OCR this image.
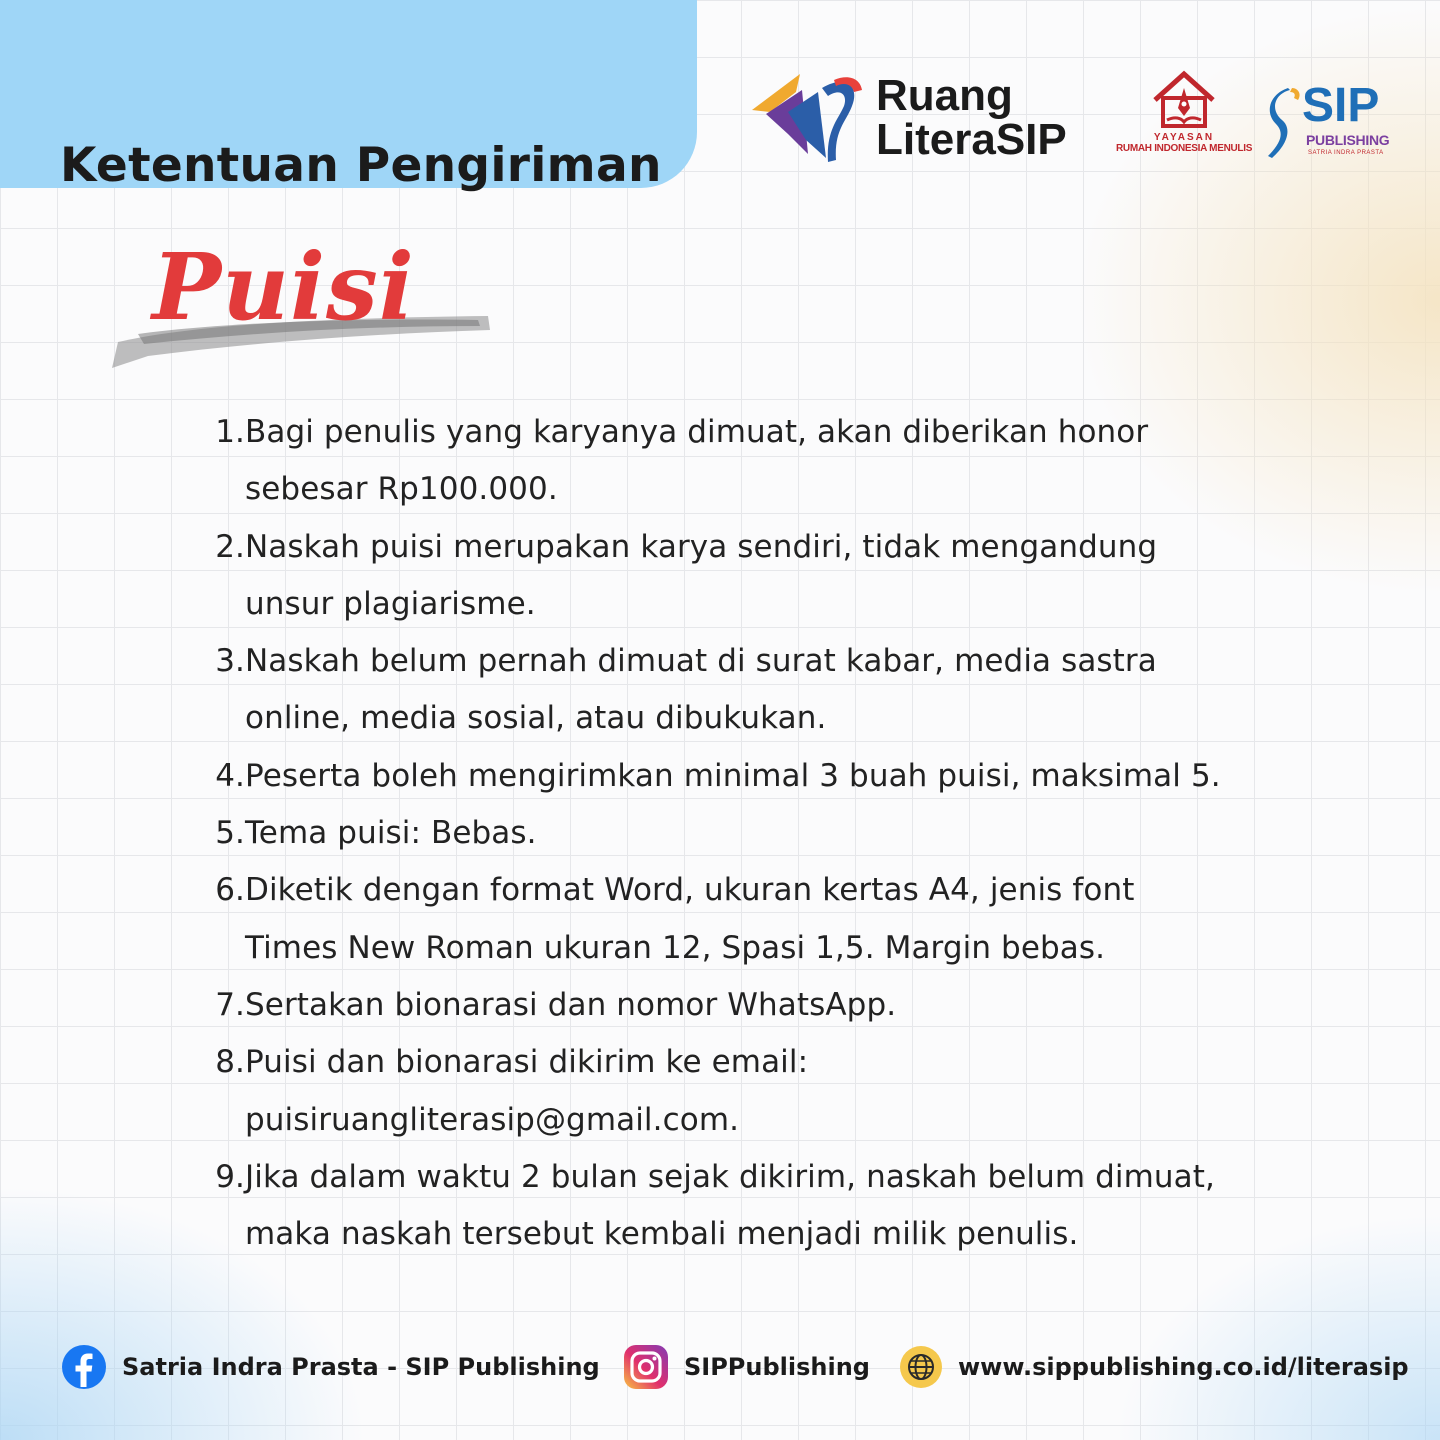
Ketentuan Pengiriman
Ruang
LiteraSIP	YAYASAN
RUMAH INDONESIA MENULIS
SIP
PUBLISHING
SATRIA INDRA PRASTA
Puisi
1. Bagi penulis yang karyanya dimuat, akan diberikan honor
sebesar Rp100.000.
2. Naskah puisi merupakan karya sendiri, tidak mengandung
unsur plagiarisme.
3. Naskah belum pernah dimuat di surat kabar, media sastra
online, media sosial, atau dibukukan.
4. Peserta boleh mengirimkan minimal 3 buah puisi, maksimal 5.
5. Tema puisi: Bebas.
6. Diketik dengan format Word, ukuran kertas A4, jenis font
Times New Roman ukuran 12, Spasi 1,5. Margin bebas.
7. Sertakan bionarasi dan nomor WhatsApp.
8. Puisi dan bionarasi dikirim ke email:
puisiruangliterasip@gmail.com.
9. Jika dalam waktu 2 bulan sejak dikirim, naskah belum dimuat,
maka naskah tersebut kembali menjadi milik penulis.
Satria Indra Prasta - SIP Publishing	SIPPublishing	www.sippublishing.co.id/literasip
